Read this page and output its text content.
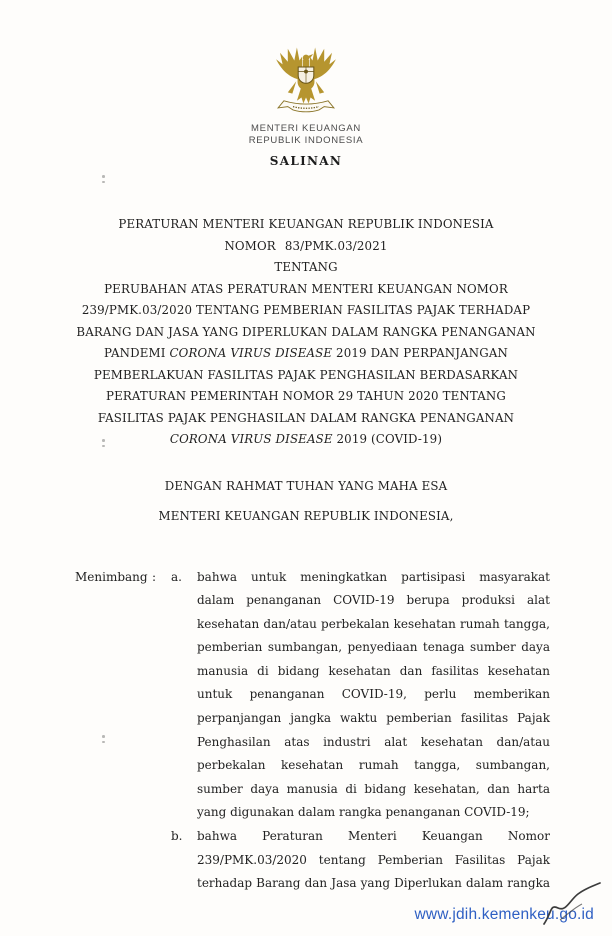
MENTERI KEUANGAN
REPUBLIK INDONESIA
SALINAN
PERATURAN MENTERI KEUANGAN REPUBLIK INDONESIA
NOMOR 83/PMK.03/2021
TENTANG

PERUBAHAN ATAS PERATURAN MENTERI KEUANGAN NOMOR 239/PMK.03/2020 TENTANG PEMBERIAN FASILITAS PAJAK TERHADAP BARANG DAN JASA YANG DIPERLUKAN DALAM RANGKA PENANGANAN PANDEMI CORONA VIRUS DISEASE 2019 DAN PERPANJANGAN PEMBERLAKUAN FASILITAS PAJAK PENGHASILAN BERDASARKAN PERATURAN PEMERINTAH NOMOR 29 TAHUN 2020 TENTANG FASILITAS PAJAK PENGHASILAN DALAM RANGKA PENANGANAN CORONA VIRUS DISEASE 2019 (COVID-19)

DENGAN RAHMAT TUHAN YANG MAHA ESA
MENTERI KEUANGAN REPUBLIK INDONESIA,
Menimbang :	a.	bahwa untuk meningkatkan partisipasi masyarakat dalam penanganan COVID-19 berupa produksi alat kesehatan dan/atau perbekalan kesehatan rumah tangga, pemberian sumbangan, penyediaan tenaga sumber daya manusia di bidang kesehatan dan fasilitas kesehatan untuk penanganan COVID-19, perlu memberikan perpanjangan jangka waktu pemberian fasilitas Pajak Penghasilan atas industri alat kesehatan dan/atau perbekalan kesehatan rumah tangga, sumbangan, sumber daya manusia di bidang kesehatan, dan harta yang digunakan dalam rangka penanganan COVID-19;
b.	bahwa Peraturan Menteri Keuangan Nomor 239/PMK.03/2020 tentang Pemberian Fasilitas Pajak terhadap Barang dan Jasa yang Diperlukan dalam rangka
www.jdih.kemenkeu.go.id
